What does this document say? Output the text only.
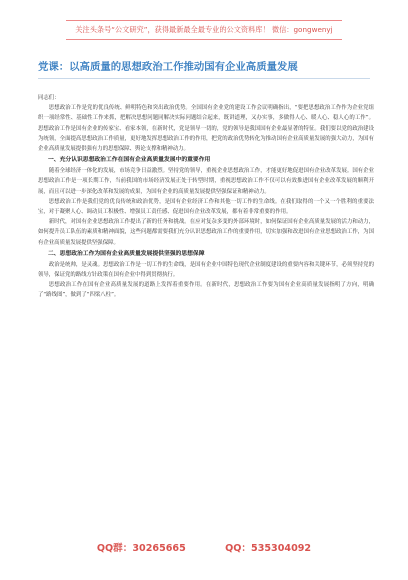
关注头条号“公文研究”，获得最新最全最专业的公文资料库！ 微信：gongwenyj
党课：以高质量的思想政治工作推动国有企业高质量发展

同志们：

思想政治工作是党的优良传统、鲜明特色和突出政治优势。全国国有企业党的建设工作会议明确指出，“要把思想政治工作作为企业党组织一项经常性、基础性工作来抓，把解决思想问题同解决实际问题结合起来，既讲道理，又办实事，多做得人心、暖人心、稳人心的工作”。思想政治工作是国有企业的传家宝、看家本领，在新时代，党是领导一切的，党的领导是我国国有企业最显著的特征。我们要以党的政治建设为统领，全面提高思想政治工作质量，更好地发挥思想政治工作的作用，把党的政治优势转化为推动国有企业高质量发展的强大动力，为国有企业高质量发展提供强有力的思想保障、舆论支撑和精神动力。

一、充分认识思想政治工作在国有企业高质量发展中的重要作用

随着全球经济一体化的发展，市场竞争日益激烈。坚持党的领导，重视企业思想政治工作，才能更好地促进国有企业改革发展。国有企业思想政治工作是一项长期工作，当前我国的市场经济发展正处于转型时期，重视思想政治工作不仅可以有效推进国有企业改革发展的顺利开展，而且可以进一步深化改革和发展的成果，为国有企业的高质量发展提供坚强保证和精神动力。

思想政治工作是我们党的优良传统和政治优势，是国有企业经济工作和其他一切工作的生命线。在我们取得的一个又一个胜利的重要法宝，对于凝聚人心、调动员工积极性、增强员工责任感、促进国有企业改革发展，都有着非常重要的作用。

新时代，对国有企业思想政治工作提出了新的任务和挑战。在应对复杂多变的外部环境时，如何保证国有企业高质量发展的活力和动力，如何提升员工队伍的素质和精神面貌，这些问题都需要我们充分认识思想政治工作的重要作用，切实加强和改进国有企业思想政治工作，为国有企业高质量发展提供坚强保障。

二、思想政治工作为国有企业高质量发展提供坚强的思想保障

政治是统帅，是灵魂。思想政治工作是一切工作的生命线，是国有企业中国特色现代企业制度建设的重要内容和关键环节，必须坚持党的领导，保证党的路线方针政策在国有企业中得到贯彻执行。

思想政治工作在国有企业高质量发展的道路上发挥着重要作用。在新时代，思想政治工作要为国有企业高质量发展指明了方向，明确了“路线图”，做到了“四梁八柱”。

QQ群：30265665	QQ：535304092
